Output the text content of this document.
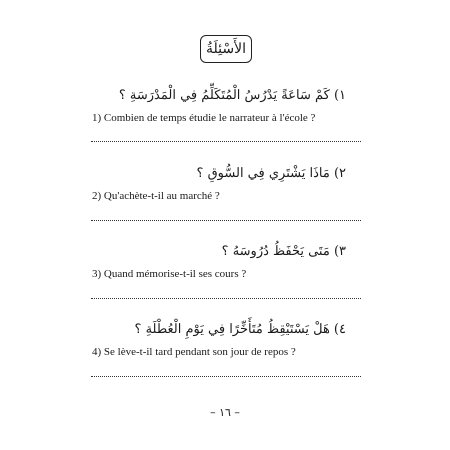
الأَسْئِلَةُ
١) كَمْ سَاعَةً يَدْرُسُ الْمُتَكَلِّمُ فِي الْمَدْرَسَةِ ؟
1) Combien de temps étudie le narrateur à l'école ?
٢) مَاذَا يَشْتَرِي فِي السُّوقِ ؟
2) Qu'achète-t-il au marché ?
٣) مَتَى يَحْفَظُ دُرُوسَهُ ؟
3) Quand mémorise-t-il ses cours ?
٤) هَلْ يَسْتَيْقِظُ مُتَأَخِّرًا فِي يَوْمِ الْعُطْلَةِ ؟
4) Se lève-t-il tard pendant son jour de repos ?
– ١٦ –
